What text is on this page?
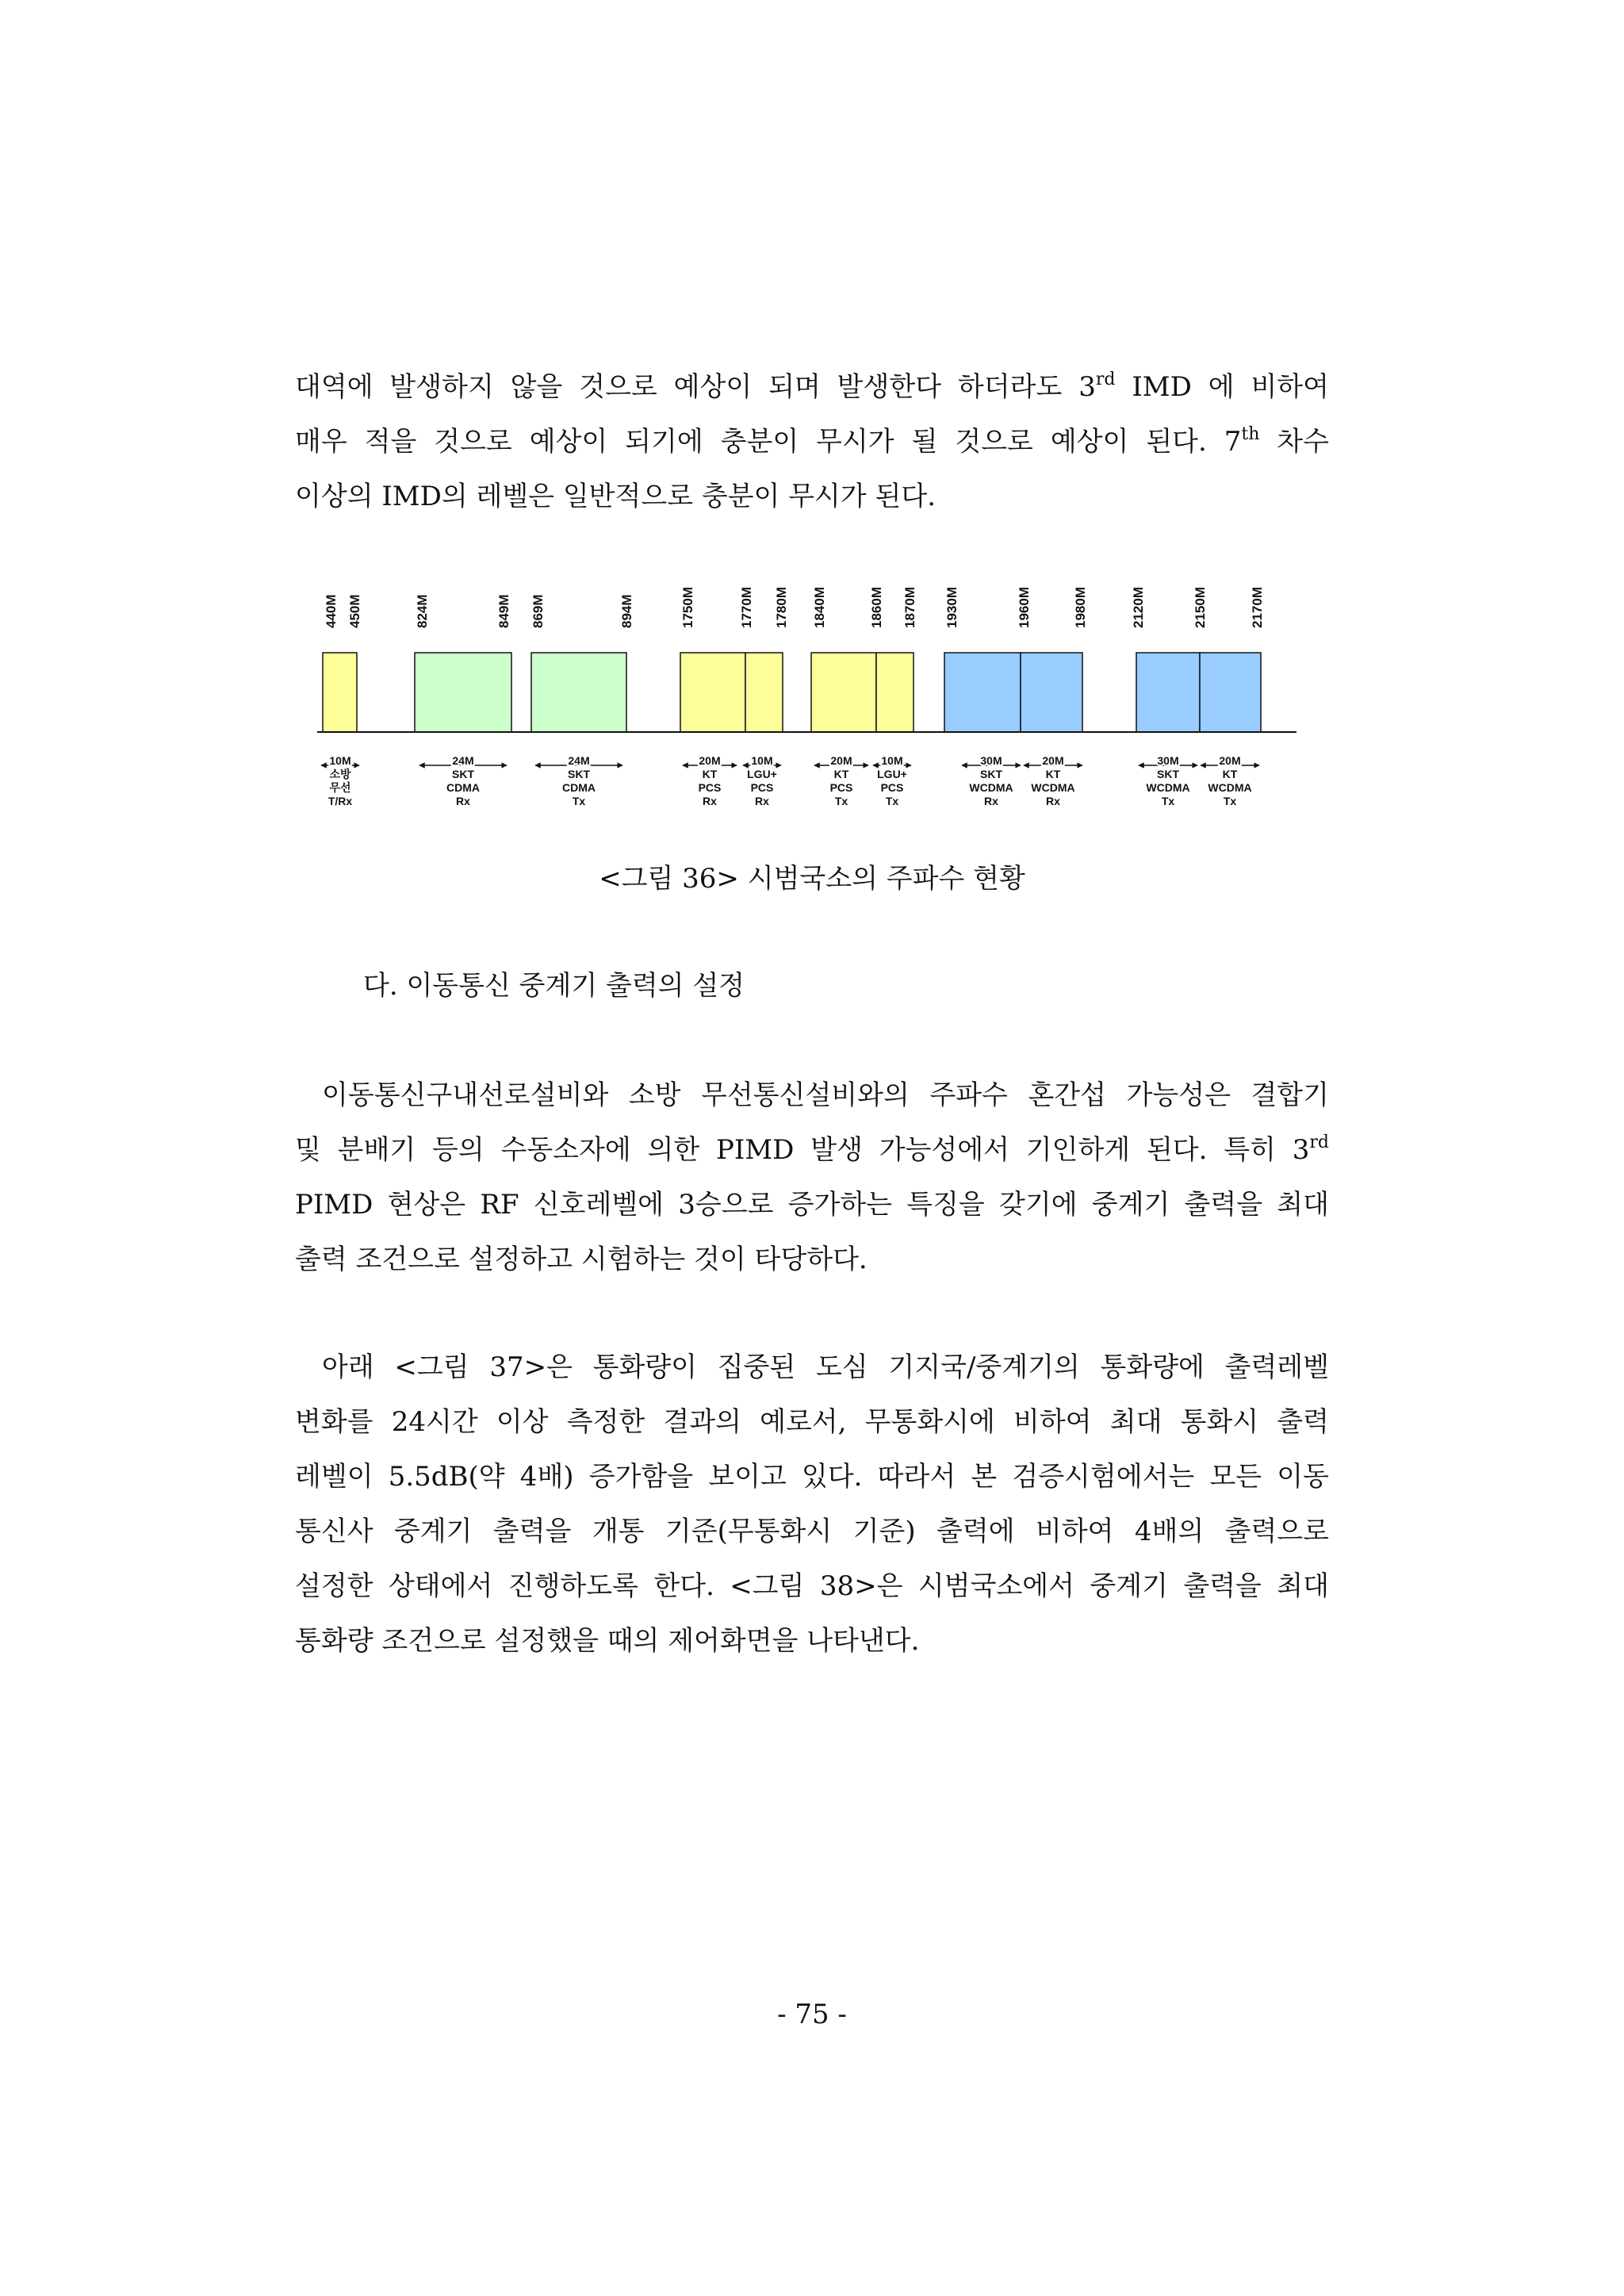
대역에 발생하지 않을 것으로 예상이 되며 발생한다 하더라도 3rd IMD 에 비하여
매우 적을 것으로 예상이 되기에 충분이 무시가 될 것으로 예상이 된다. 7th 차수
이상의 IMD의 레벨은 일반적으로 충분이 무시가 된다.
440M 450M	824M	849M 869M	894M	1750M	1770M 1780M 1840M	1860M 1870M 1930M	1960M	1980M	2120M	2150M	2170M
10M
소방
무선
T/Rx
24M
SKT
CDMA
Rx
24M
SKT
CDMA
Tx
20M
KT
PCS
Rx
10M
LGU+
PCS
Rx
20M
KT
PCS
Tx
10M
LGU+
PCS
Tx
30M
SKT
WCDMA
Rx
20M
KT
WCDMA
Rx
30M
SKT
WCDMA
Tx
20M
KT
WCDMA
Tx
<그림 36> 시범국소의 주파수 현황
다. 이동통신 중계기 출력의 설정
이동통신구내선로설비와 소방 무선통신설비와의 주파수 혼간섭 가능성은 결합기
및 분배기 등의 수동소자에 의한 PIMD 발생 가능성에서 기인하게 된다. 특히 3rd
PIMD 현상은 RF 신호레벨에 3승으로 증가하는 특징을 갖기에 중계기 출력을 최대
출력 조건으로 설정하고 시험하는 것이 타당하다.
아래 <그림 37>은 통화량이 집중된 도심 기지국/중계기의 통화량에 출력레벨
변화를 24시간 이상 측정한 결과의 예로서, 무통화시에 비하여 최대 통화시 출력
레벨이 5.5dB(약 4배) 증가함을 보이고 있다. 따라서 본 검증시험에서는 모든 이동
통신사 중계기 출력을 개통 기준(무통화시 기준) 출력에 비하여 4배의 출력으로
설정한 상태에서 진행하도록 한다. <그림 38>은 시범국소에서 중계기 출력을 최대
통화량 조건으로 설정했을 때의 제어화면을 나타낸다.
- 75 -
